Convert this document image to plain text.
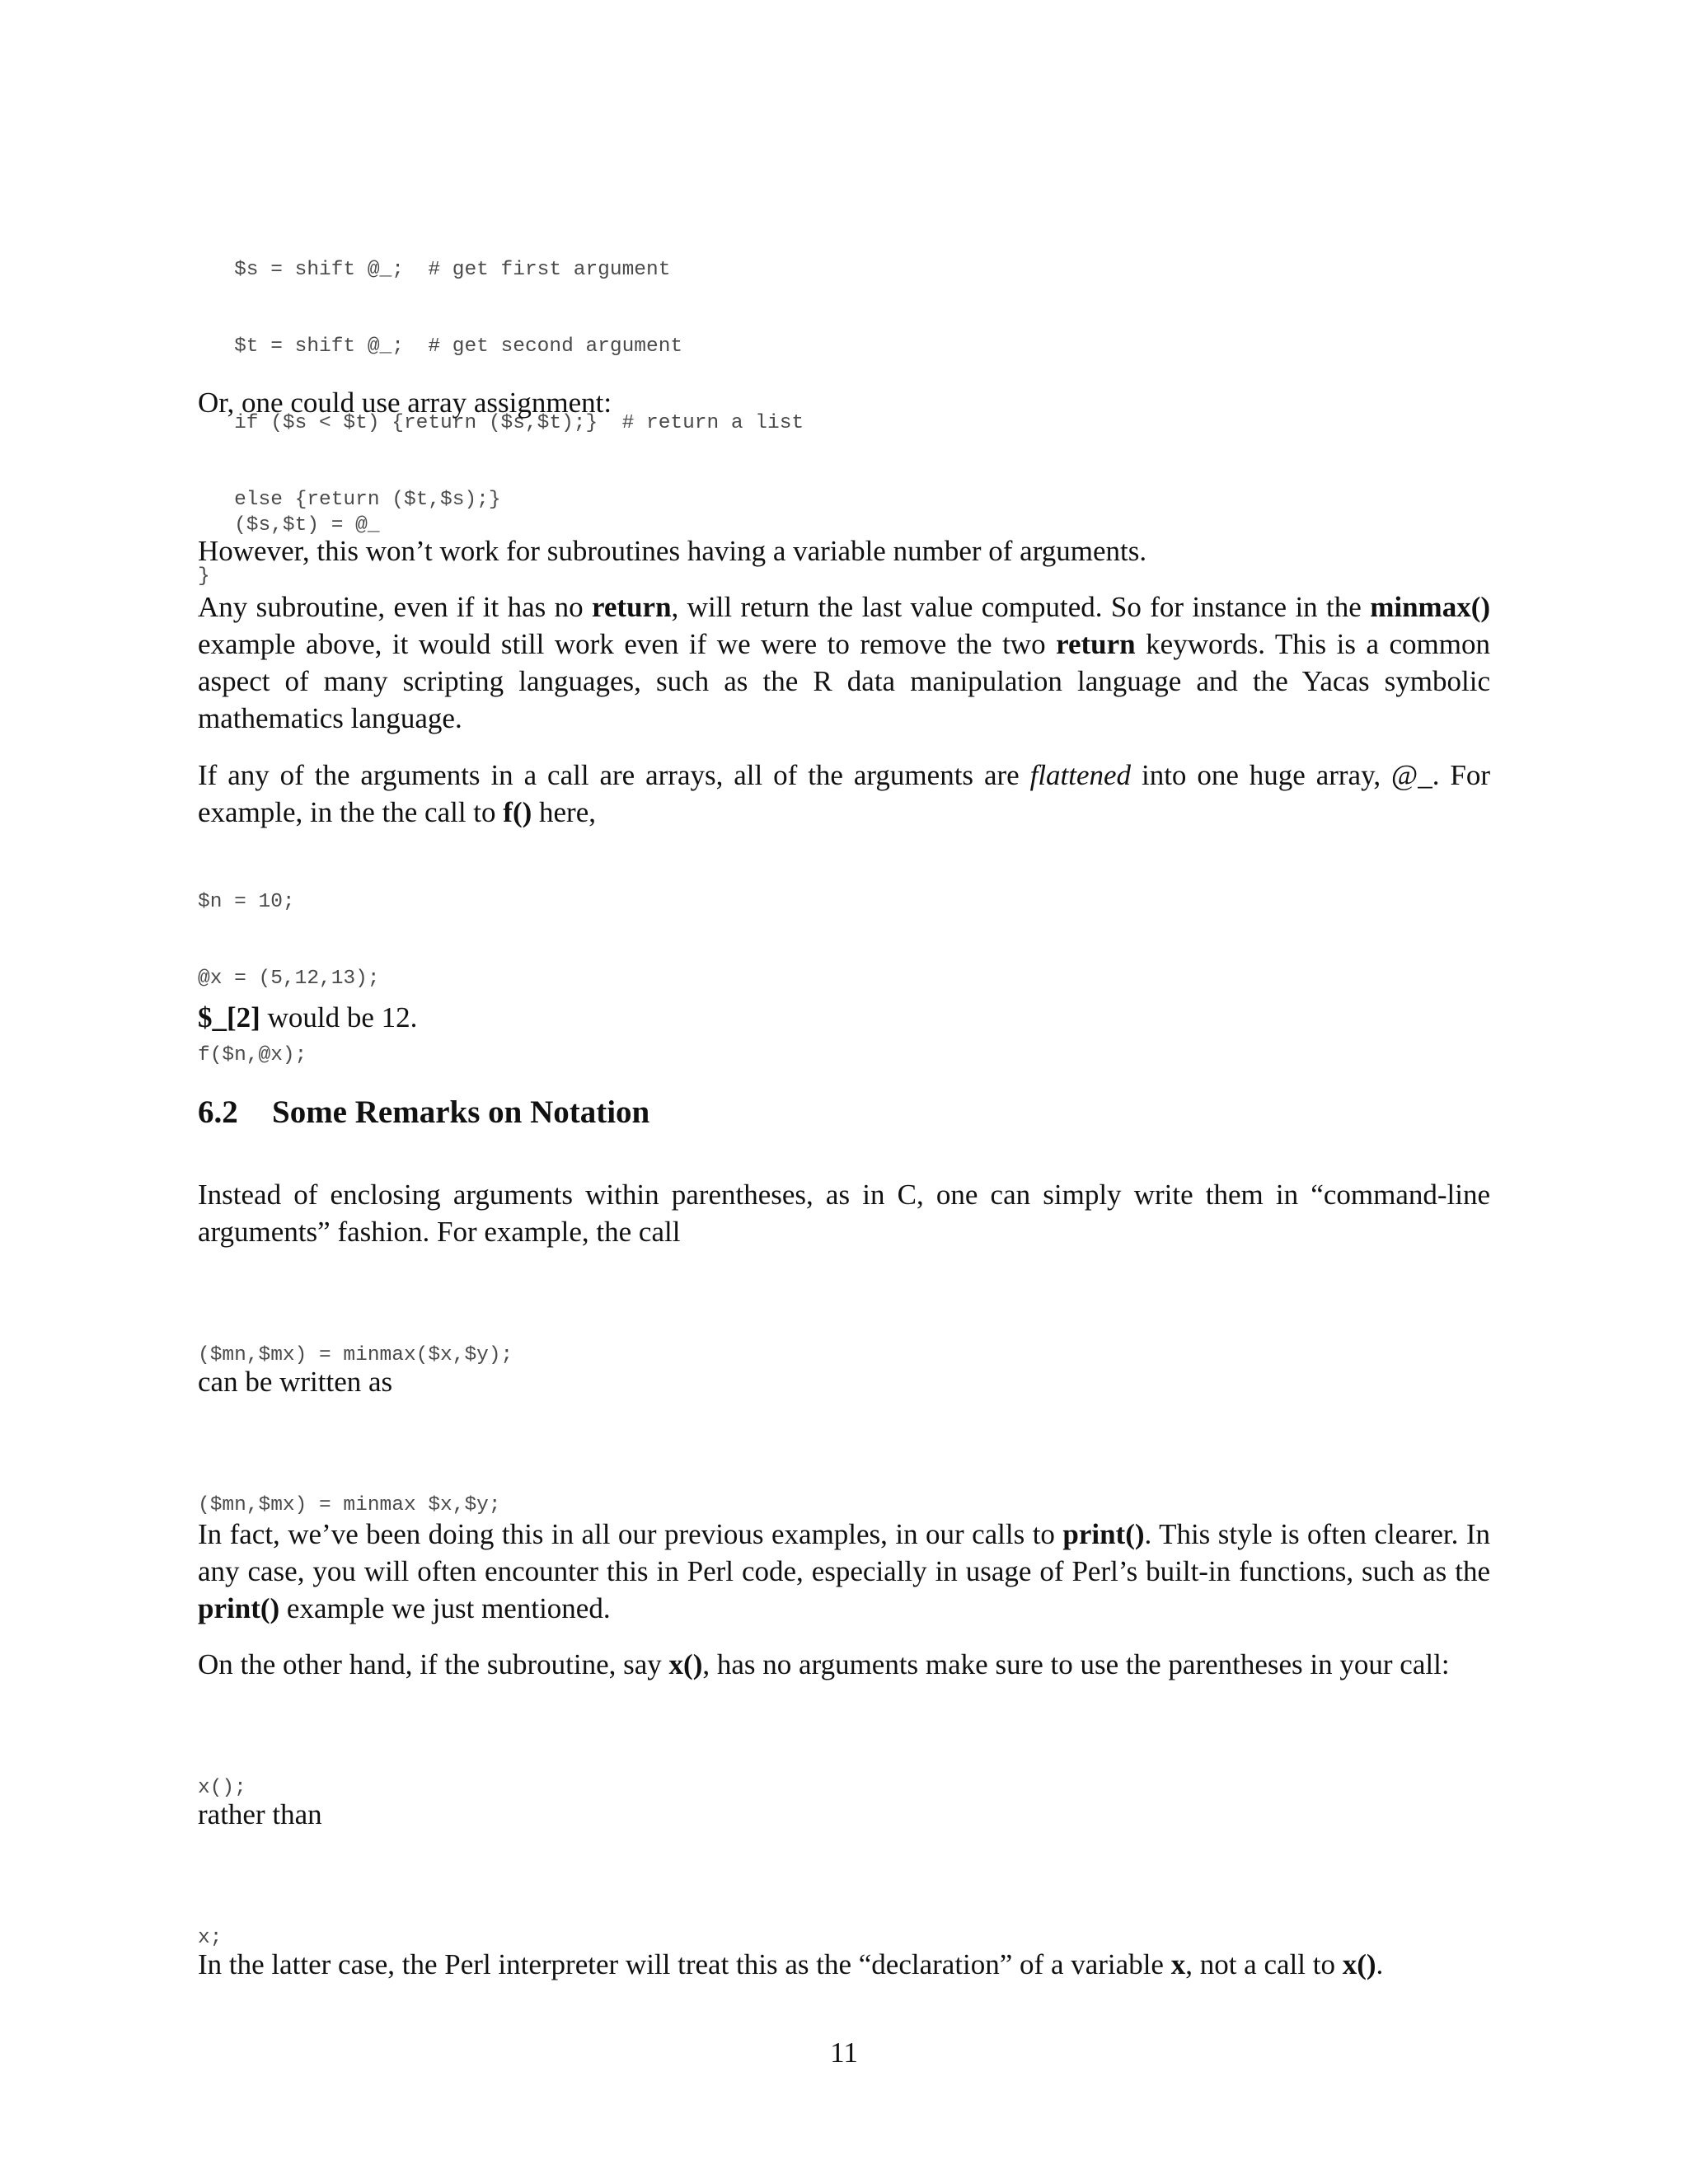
$s = shift @_;  # get first argument

$t = shift @_;  # get second argument

if ($s < $t) {return ($s,$t);}  # return a list

else {return ($t,$s);}

}

Or, one could use array assignment:

($s,$t) = @_

However, this won’t work for subroutines having a variable number of arguments.

Any subroutine, even if it has no return, will return the last value computed. So for instance in the minmax() example above, it would still work even if we were to remove the two return keywords. This is a common aspect of many scripting languages, such as the R data manipulation language and the Yacas symbolic mathematics language.

If any of the arguments in a call are arrays, all of the arguments are flattened into one huge array, @_. For example, in the the call to f() here,

$n = 10;

@x = (5,12,13);

f($n,@x);

$_[2] would be 12.

6.2 Some Remarks on Notation

Instead of enclosing arguments within parentheses, as in C, one can simply write them in “command-line arguments” fashion. For example, the call

($mn,$mx) = minmax($x,$y);

can be written as

($mn,$mx) = minmax $x,$y;

In fact, we’ve been doing this in all our previous examples, in our calls to print(). This style is often clearer. In any case, you will often encounter this in Perl code, especially in usage of Perl’s built-in functions, such as the print() example we just mentioned.

On the other hand, if the subroutine, say x(), has no arguments make sure to use the parentheses in your call:

x();

rather than

x;

In the latter case, the Perl interpreter will treat this as the “declaration” of a variable x, not a call to x().

11
